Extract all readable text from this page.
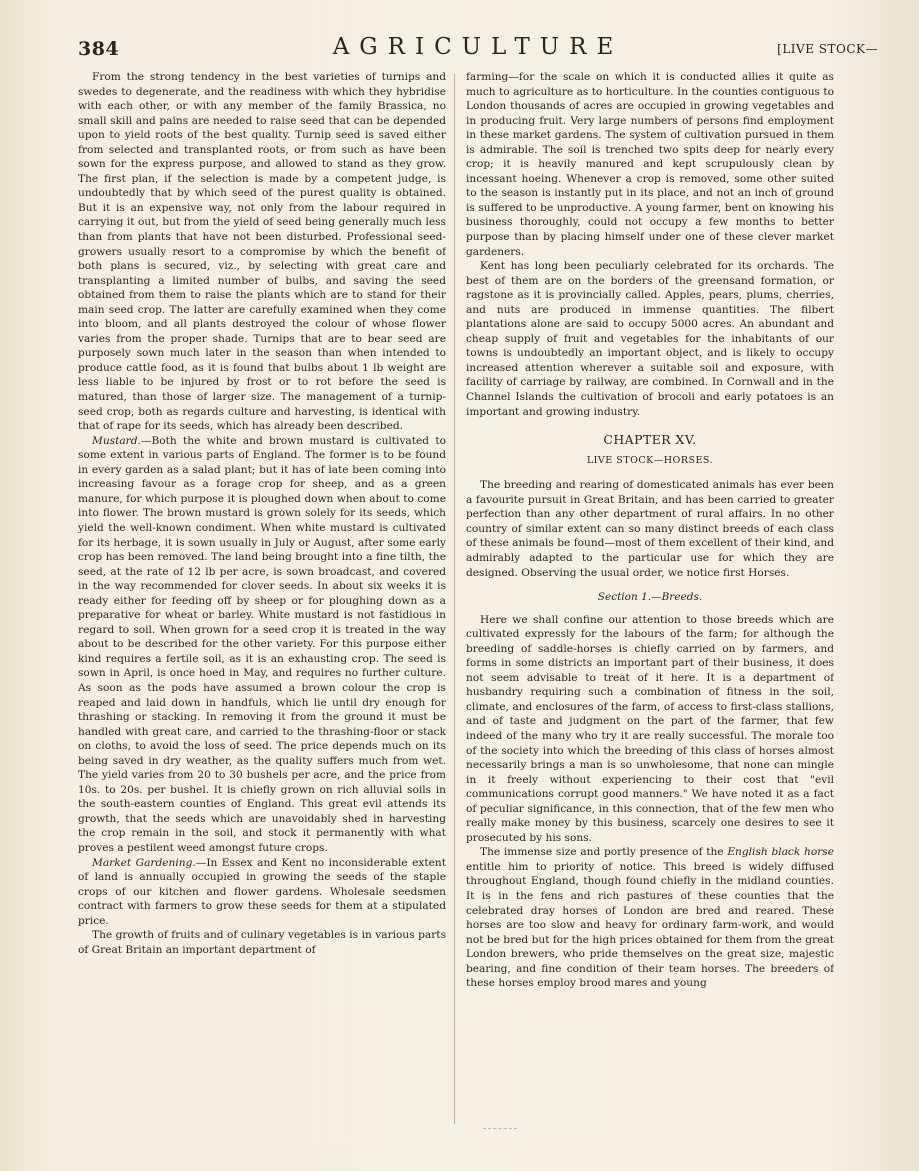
384	AGRICULTURE	[LIVE STOCK—

From the strong tendency in the best varieties of turnips and swedes to degenerate, and the readiness with which they hybridise with each other, or with any member of the family Brassica, no small skill and pains are needed to raise seed that can be depended upon to yield roots of the best quality. Turnip seed is saved either from selected and transplanted roots, or from such as have been sown for the express purpose, and allowed to stand as they grow. The first plan, if the selection is made by a competent judge, is undoubtedly that by which seed of the purest quality is obtained. But it is an expensive way, not only from the labour required in carrying it out, but from the yield of seed being generally much less than from plants that have not been disturbed. Professional seed-growers usually resort to a compromise by which the benefit of both plans is secured, viz., by selecting with great care and transplanting a limited number of bulbs, and saving the seed obtained from them to raise the plants which are to stand for their main seed crop. The latter are carefully examined when they come into bloom, and all plants destroyed the colour of whose flower varies from the proper shade. Turnips that are to bear seed are purposely sown much later in the season than when intended to produce cattle food, as it is found that bulbs about 1 lb weight are less liable to be injured by frost or to rot before the seed is matured, than those of larger size. The management of a turnip-seed crop, both as regards culture and harvesting, is identical with that of rape for its seeds, which has already been described.

Mustard.—Both the white and brown mustard is cultivated to some extent in various parts of England. The former is to be found in every garden as a salad plant; but it has of late been coming into increasing favour as a forage crop for sheep, and as a green manure, for which purpose it is ploughed down when about to come into flower. The brown mustard is grown solely for its seeds, which yield the well-known condiment. When white mustard is cultivated for its herbage, it is sown usually in July or August, after some early crop has been removed. The land being brought into a fine tilth, the seed, at the rate of 12 lb per acre, is sown broadcast, and covered in the way recommended for clover seeds. In about six weeks it is ready either for feeding off by sheep or for ploughing down as a preparative for wheat or barley. White mustard is not fastidious in regard to soil. When grown for a seed crop it is treated in the way about to be described for the other variety. For this purpose either kind requires a fertile soil, as it is an exhausting crop. The seed is sown in April, is once hoed in May, and requires no further culture. As soon as the pods have assumed a brown colour the crop is reaped and laid down in handfuls, which lie until dry enough for thrashing or stacking. In removing it from the ground it must be handled with great care, and carried to the thrashing-floor or stack on cloths, to avoid the loss of seed. The price depends much on its being saved in dry weather, as the quality suffers much from wet. The yield varies from 20 to 30 bushels per acre, and the price from 10s. to 20s. per bushel. It is chiefly grown on rich alluvial soils in the south-eastern counties of England. This great evil attends its growth, that the seeds which are unavoidably shed in harvesting the crop remain in the soil, and stock it permanently with what proves a pestilent weed amongst future crops.

Market Gardening.—In Essex and Kent no inconsiderable extent of land is annually occupied in growing the seeds of the staple crops of our kitchen and flower gardens. Wholesale seedsmen contract with farmers to grow these seeds for them at a stipulated price.

The growth of fruits and of culinary vegetables is in various parts of Great Britain an important department of

farming—for the scale on which it is conducted allies it quite as much to agriculture as to horticulture. In the counties contiguous to London thousands of acres are occupied in growing vegetables and in producing fruit. Very large numbers of persons find employment in these market gardens. The system of cultivation pursued in them is admirable. The soil is trenched two spits deep for nearly every crop; it is heavily manured and kept scrupulously clean by incessant hoeing. Whenever a crop is removed, some other suited to the season is instantly put in its place, and not an inch of ground is suffered to be unproductive. A young farmer, bent on knowing his business thoroughly, could not occupy a few months to better purpose than by placing himself under one of these clever market gardeners.

Kent has long been peculiarly celebrated for its orchards. The best of them are on the borders of the greensand formation, or ragstone as it is provincially called. Apples, pears, plums, cherries, and nuts are produced in immense quantities. The filbert plantations alone are said to occupy 5000 acres. An abundant and cheap supply of fruit and vegetables for the inhabitants of our towns is undoubtedly an important object, and is likely to occupy increased attention wherever a suitable soil and exposure, with facility of carriage by railway, are combined. In Cornwall and in the Channel Islands the cultivation of brocoli and early potatoes is an important and growing industry.

CHAPTER XV.
LIVE STOCK—HORSES.

The breeding and rearing of domesticated animals has ever been a favourite pursuit in Great Britain, and has been carried to greater perfection than any other department of rural affairs. In no other country of similar extent can so many distinct breeds of each class of these animals be found—most of them excellent of their kind, and admirably adapted to the particular use for which they are designed. Observing the usual order, we notice first Horses.

Section 1.—Breeds.

Here we shall confine our attention to those breeds which are cultivated expressly for the labours of the farm; for although the breeding of saddle-horses is chiefly carried on by farmers, and forms in some districts an important part of their business, it does not seem advisable to treat of it here. It is a department of husbandry requiring such a combination of fitness in the soil, climate, and enclosures of the farm, of access to first-class stallions, and of taste and judgment on the part of the farmer, that few indeed of the many who try it are really successful. The morale too of the society into which the breeding of this class of horses almost necessarily brings a man is so unwholesome, that none can mingle in it freely without experiencing to their cost that "evil communications corrupt good manners." We have noted it as a fact of peculiar significance, in this connection, that of the few men who really make money by this business, scarcely one desires to see it prosecuted by his sons.

The immense size and portly presence of the English black horse entitle him to priority of notice. This breed is widely diffused throughout England, though found chiefly in the midland counties. It is in the fens and rich pastures of these counties that the celebrated dray horses of London are bred and reared. These horses are too slow and heavy for ordinary farm-work, and would not be bred but for the high prices obtained for them from the great London brewers, who pride themselves on the great size, majestic bearing, and fine condition of their team horses. The breeders of these horses employ brood mares and young
